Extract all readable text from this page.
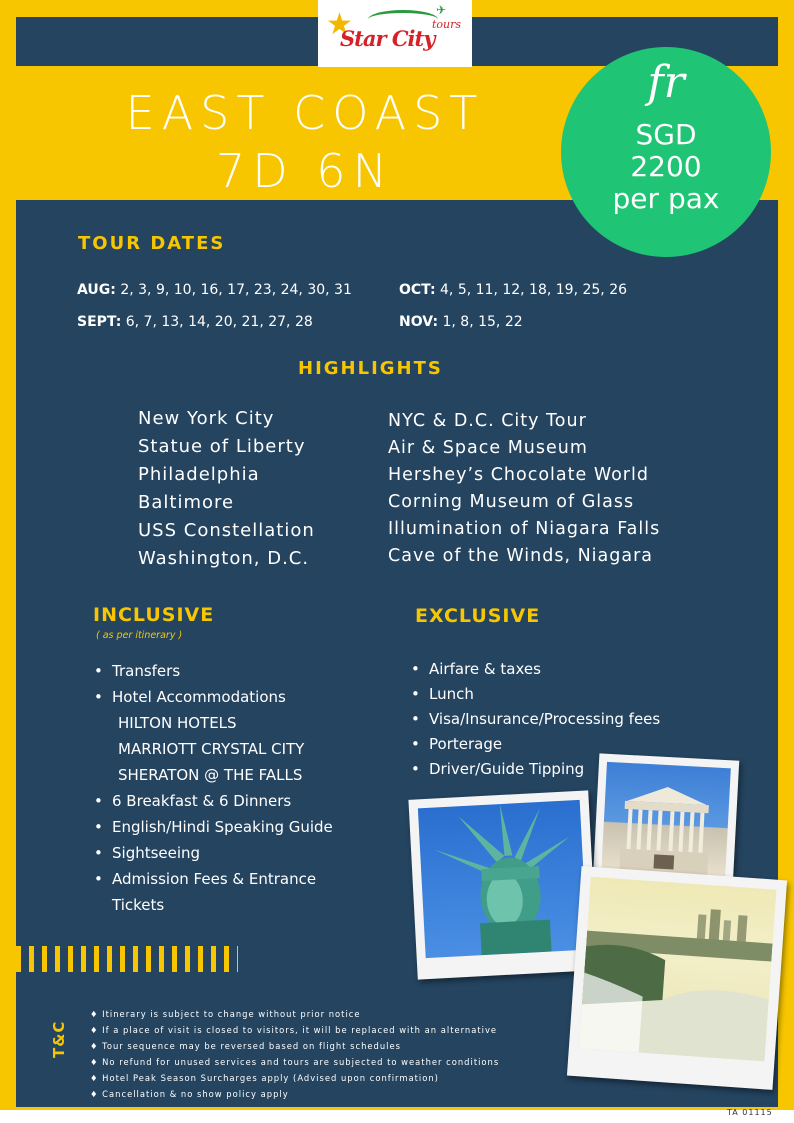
★	✈
Star City
tours
EAST COAST
7D 6N
fr
SGD
2200
per pax
TOUR DATES
AUG: 2, 3, 9, 10, 16, 17, 23, 24, 30, 31	OCT: 4, 5, 11, 12, 18, 19, 25, 26
SEPT: 6, 7, 13, 14, 20, 21, 27, 28	NOV: 1, 8, 15, 22
HIGHLIGHTS
New York City
Statue of Liberty
Philadelphia
Baltimore
USS Constellation
Washington, D.C.
NYC & D.C. City Tour
Air & Space Museum
Hershey’s Chocolate World
Corning Museum of Glass
Illumination of Niagara Falls
Cave of the Winds, Niagara
INCLUSIVE
( as per itinerary )
• Transfers
• Hotel Accommodations
HILTON HOTELS
MARRIOTT CRYSTAL CITY
SHERATON @ THE FALLS
• 6 Breakfast & 6 Dinners
• English/Hindi Speaking Guide
• Sightseeing
• Admission Fees & Entrance
Tickets
EXCLUSIVE
• Airfare & taxes
• Lunch
• Visa/Insurance/Processing fees
• Porterage
• Driver/Guide Tipping
T&C
♦ Itinerary is subject to change without prior notice
♦ If a place of visit is closed to visitors, it will be replaced with an alternative
♦ Tour sequence may be reversed based on flight schedules
♦ No refund for unused services and tours are subjected to weather conditions
♦ Hotel Peak Season Surcharges apply (Advised upon confirmation)
♦ Cancellation & no show policy apply
TA 01115
